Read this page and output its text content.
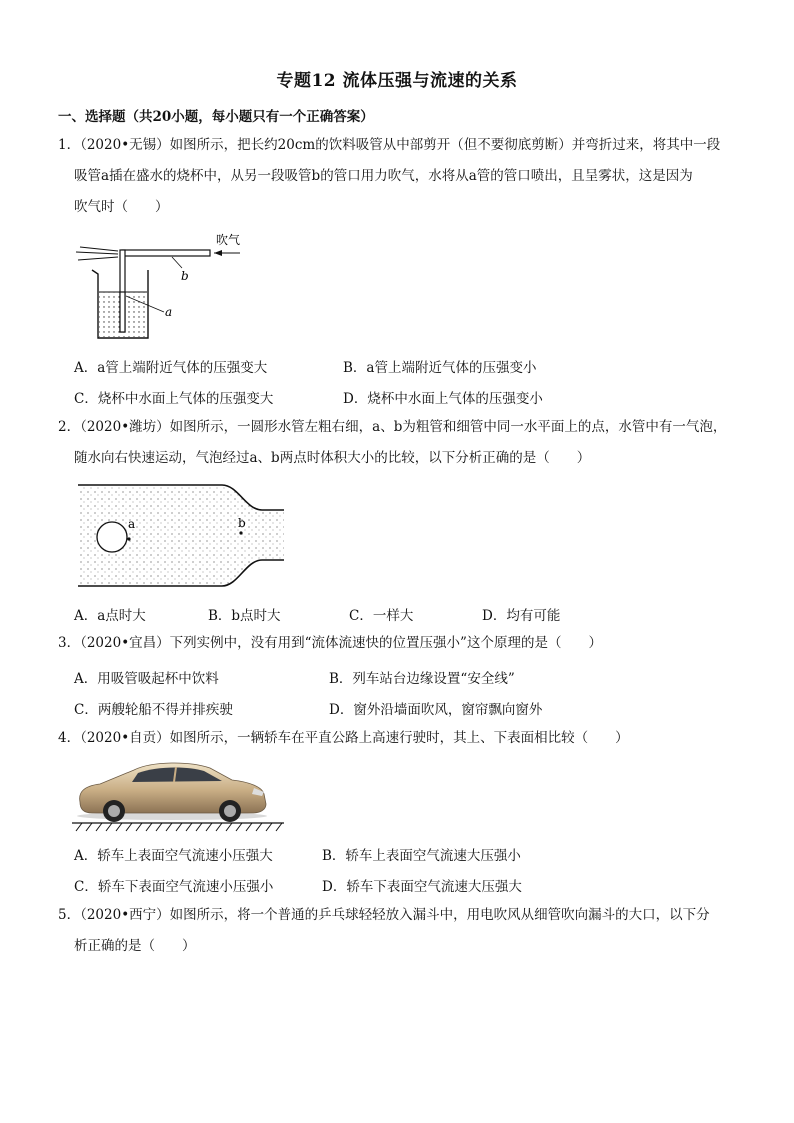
专题12 流体压强与流速的关系
一、选择题（共20小题，每小题只有一个正确答案）
1．（2020•无锡）如图所示，把长约20cm的饮料吸管从中部剪开（但不要彻底剪断）并弯折过来，将其中一段

吸管a插在盛水的烧杯中，从另一段吸管b的管口用力吹气，水将从a管的管口喷出，且呈雾状，这是因为
吹气时（　　）
吹气
b
a
A．a管上端附近气体的压强变大	B．a管上端附近气体的压强变小
C．烧杯中水面上气体的压强变大	D．烧杯中水面上气体的压强变小
2．（2020•潍坊）如图所示，一圆形水管左粗右细，a、b为粗管和细管中同一水平面上的点，水管中有一气泡，

随水向右快速运动，气泡经过a、b两点时体积大小的比较，以下分析正确的是（　　）
a	b
A．a点时大	B．b点时大	C．一样大	D．均有可能
3．（2020•宜昌）下列实例中，没有用到“流体流速快的位置压强小”这个原理的是（　　）
A．用吸管吸起杯中饮料	B．列车站台边缘设置“安全线”
C．两艘轮船不得并排疾驶	D．窗外沿墙面吹风，窗帘飘向窗外
4．（2020•自贡）如图所示，一辆轿车在平直公路上高速行驶时，其上、下表面相比较（　　）
A．轿车上表面空气流速小压强大	B．轿车上表面空气流速大压强小
C．轿车下表面空气流速小压强小	D．轿车下表面空气流速大压强大
5．（2020•西宁）如图所示，将一个普通的乒乓球轻轻放入漏斗中，用电吹风从细管吹向漏斗的大口，以下分

析正确的是（　　）
